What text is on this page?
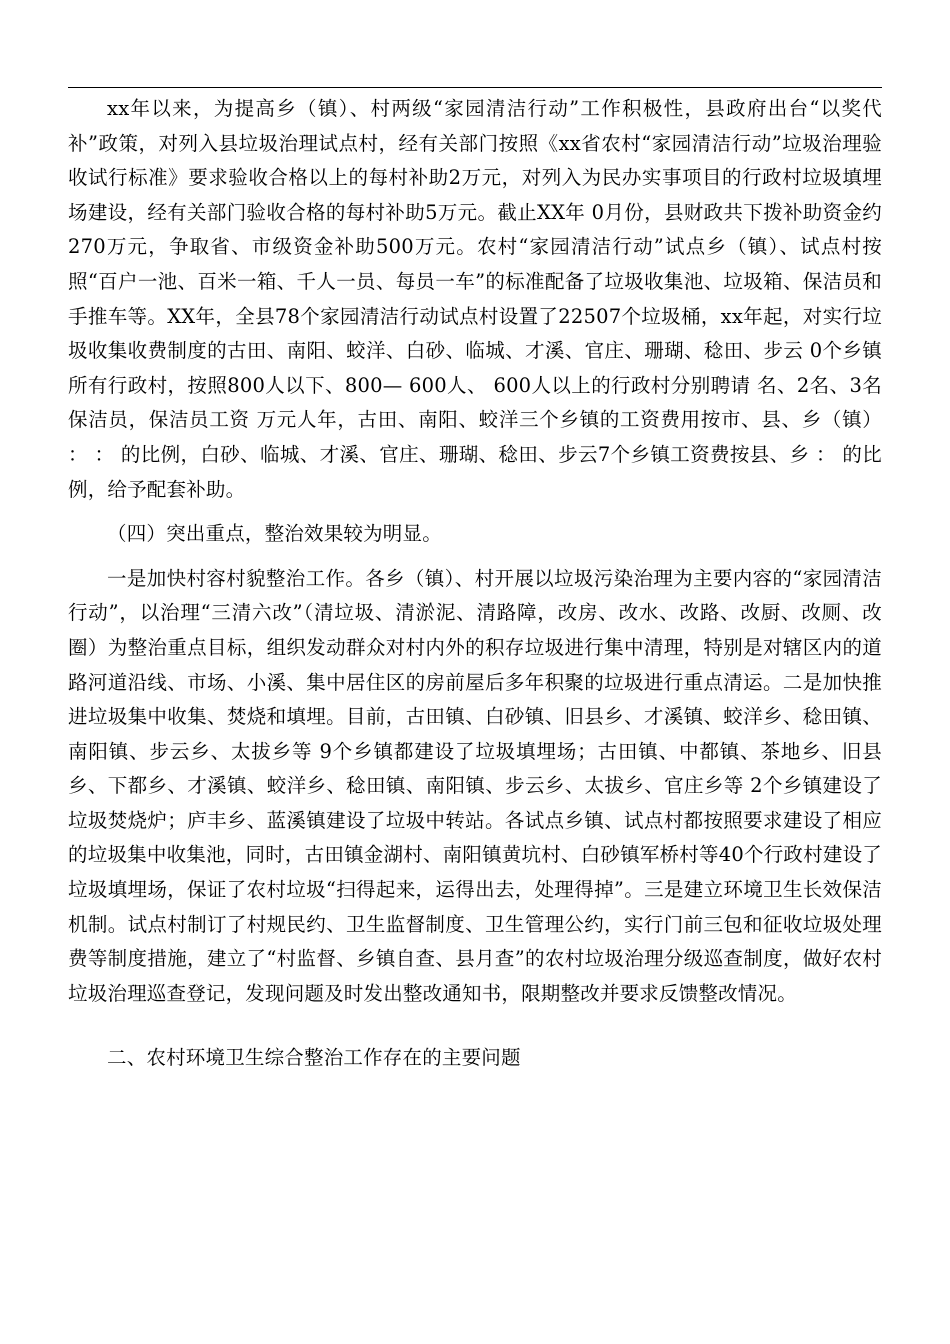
xx年以来，为提高乡（镇）、村两级“家园清洁行动”工作积极性，县政府出台“以奖代补”政策，对列入县垃圾治理试点村，经有关部门按照《xx省农村“家园清洁行动”垃圾治理验收试行标准》要求验收合格以上的每村补助2万元，对列入为民办实事项目的行政村垃圾填埋场建设，经有关部门验收合格的每村补助5万元。截止XX年 0月份，县财政共下拨补助资金约270万元，争取省、市级资金补助500万元。农村“家园清洁行动”试点乡（镇）、试点村按照“百户一池、百米一箱、千人一员、每员一车”的标准配备了垃圾收集池、垃圾箱、保洁员和手推车等。XX年，全县78个家园清洁行动试点村设置了22507个垃圾桶，xx年起，对实行垃圾收集收费制度的古田、南阳、蛟洋、白砂、临城、才溪、官庄、珊瑚、稔田、步云 0个乡镇所有行政村，按照800人以下、800— 600人、 600人以上的行政村分别聘请 名、2名、3名保洁员，保洁员工资 万元人年，古田、南阳、蛟洋三个乡镇的工资费用按市、县、乡（镇） ： ： 的比例，白砂、临城、才溪、官庄、珊瑚、稔田、步云7个乡镇工资费按县、乡 ： 的比例，给予配套补助。

（四）突出重点，整治效果较为明显。

一是加快村容村貌整治工作。各乡（镇）、村开展以垃圾污染治理为主要内容的“家园清洁行动”，以治理“三清六改”（清垃圾、清淤泥、清路障，改房、改水、改路、改厨、改厕、改圈）为整治重点目标，组织发动群众对村内外的积存垃圾进行集中清理，特别是对辖区内的道路河道沿线、市场、小溪、集中居住区的房前屋后多年积聚的垃圾进行重点清运。二是加快推进垃圾集中收集、焚烧和填埋。目前，古田镇、白砂镇、旧县乡、才溪镇、蛟洋乡、稔田镇、南阳镇、步云乡、太拔乡等 9个乡镇都建设了垃圾填埋场；古田镇、中都镇、茶地乡、旧县乡、下都乡、才溪镇、蛟洋乡、稔田镇、南阳镇、步云乡、太拔乡、官庄乡等 2个乡镇建设了垃圾焚烧炉；庐丰乡、蓝溪镇建设了垃圾中转站。各试点乡镇、试点村都按照要求建设了相应的垃圾集中收集池，同时，古田镇金湖村、南阳镇黄坑村、白砂镇军桥村等40个行政村建设了垃圾填埋场，保证了农村垃圾“扫得起来，运得出去，处理得掉”。三是建立环境卫生长效保洁机制。试点村制订了村规民约、卫生监督制度、卫生管理公约，实行门前三包和征收垃圾处理费等制度措施，建立了“村监督、乡镇自查、县月查”的农村垃圾治理分级巡查制度，做好农村垃圾治理巡查登记，发现问题及时发出整改通知书，限期整改并要求反馈整改情况。

二、农村环境卫生综合整治工作存在的主要问题
